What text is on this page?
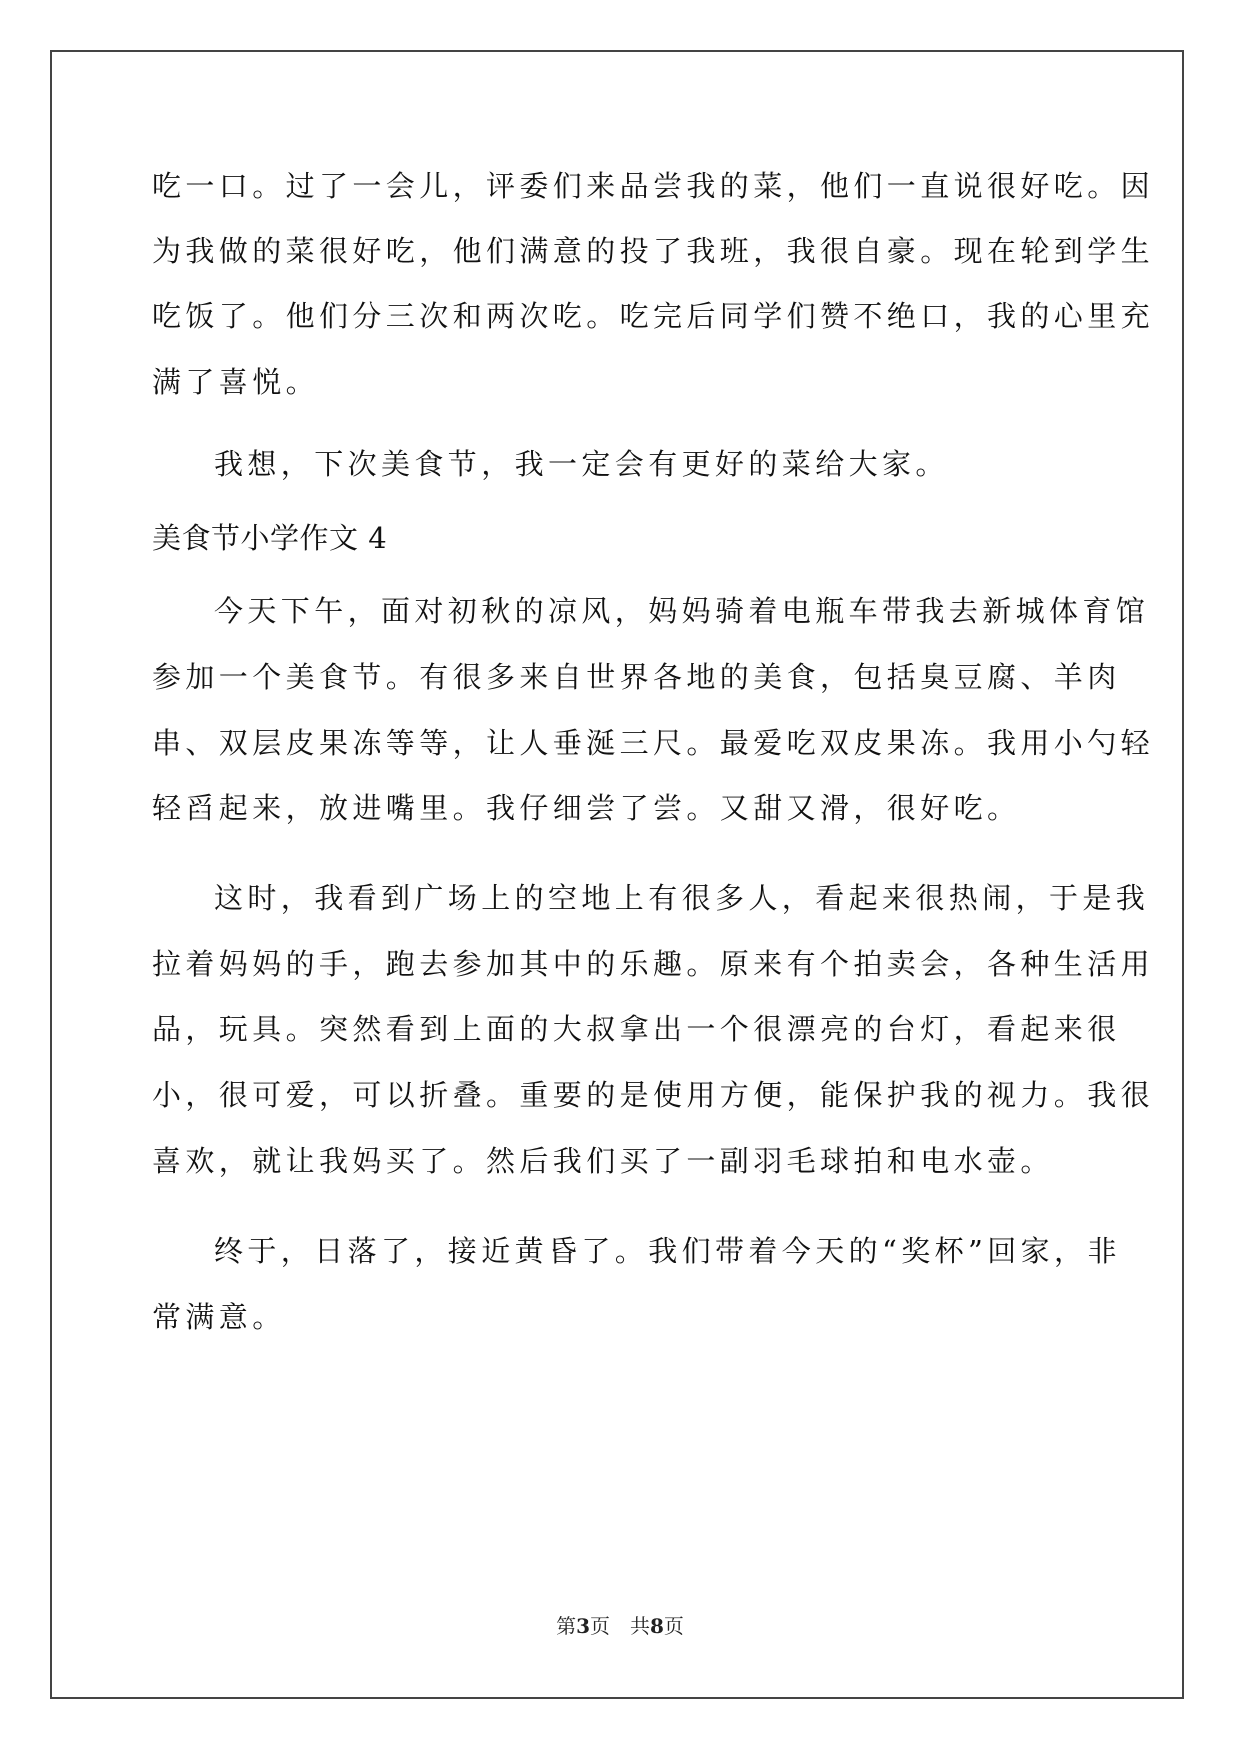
吃一口。过了一会儿，评委们来品尝我的菜，他们一直说很好吃。因
为我做的菜很好吃，他们满意的投了我班，我很自豪。现在轮到学生
吃饭了。他们分三次和两次吃。吃完后同学们赞不绝口，我的心里充
满了喜悦。
我想，下次美食节，我一定会有更好的菜给大家。
美食节小学作文 4
今天下午，面对初秋的凉风，妈妈骑着电瓶车带我去新城体育馆
参加一个美食节。有很多来自世界各地的美食，包括臭豆腐、羊肉
串、双层皮果冻等等，让人垂涎三尺。最爱吃双皮果冻。我用小勺轻
轻舀起来，放进嘴里。我仔细尝了尝。又甜又滑，很好吃。
这时，我看到广场上的空地上有很多人，看起来很热闹，于是我
拉着妈妈的手，跑去参加其中的乐趣。原来有个拍卖会，各种生活用
品，玩具。突然看到上面的大叔拿出一个很漂亮的台灯，看起来很
小，很可爱，可以折叠。重要的是使用方便，能保护我的视力。我很
喜欢，就让我妈买了。然后我们买了一副羽毛球拍和电水壶。
终于，日落了，接近黄昏了。我们带着今天的“奖杯”回家，非
常满意。
第3页　共8页
